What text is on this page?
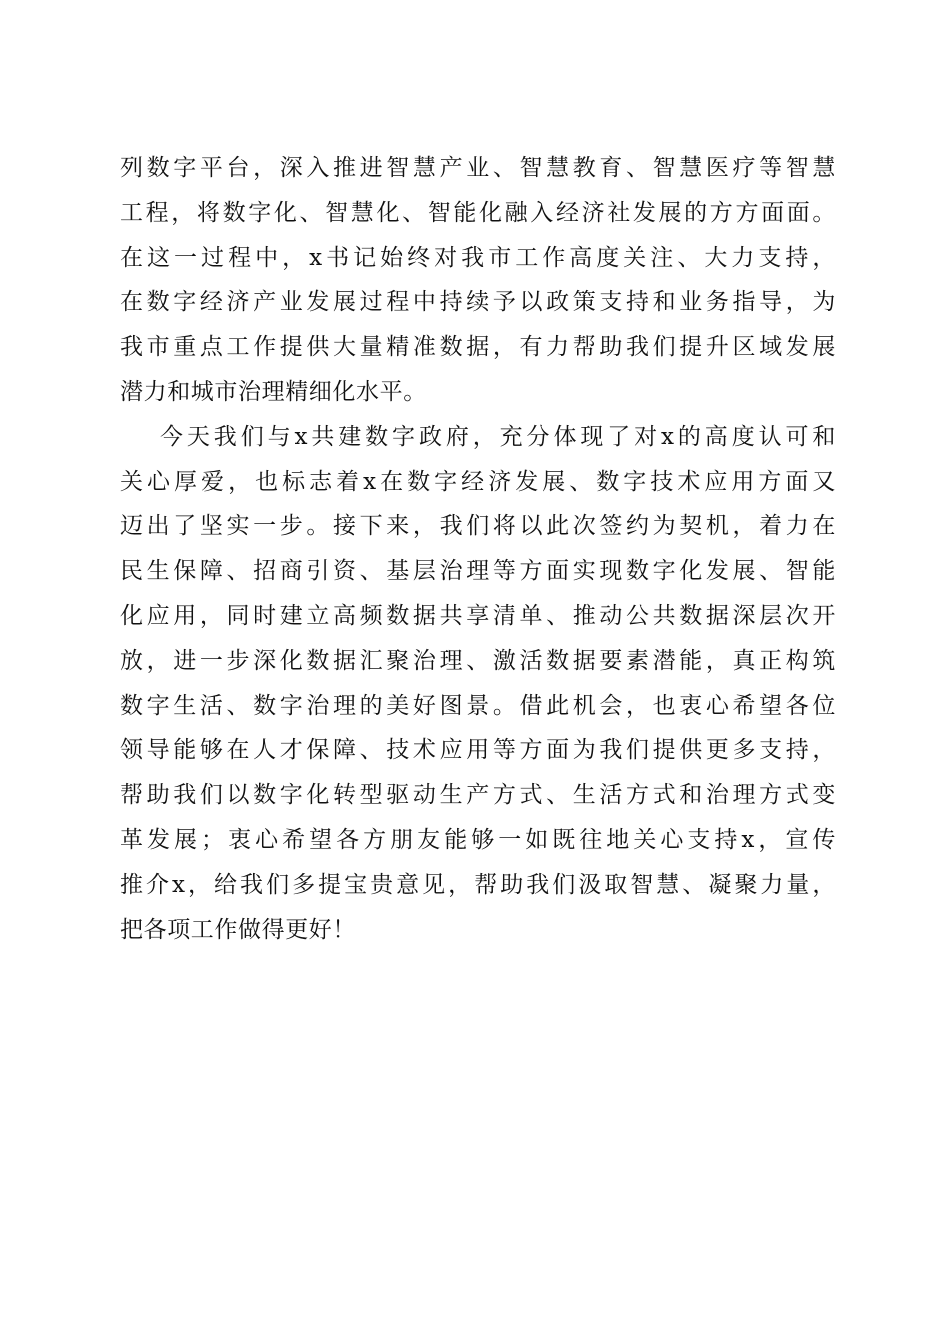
列数字平台，深入推进智慧产业、智慧教育、智慧医疗等智慧
工程，将数字化、智慧化、智能化融入经济社发展的方方面面。
在这一过程中，x书记始终对我市工作高度关注、大力支持，
在数字经济产业发展过程中持续予以政策支持和业务指导，为
我市重点工作提供大量精准数据，有力帮助我们提升区域发展
潜力和城市治理精细化水平。
今天我们与x共建数字政府，充分体现了对x的高度认可和
关心厚爱，也标志着x在数字经济发展、数字技术应用方面又
迈出了坚实一步。接下来，我们将以此次签约为契机，着力在
民生保障、招商引资、基层治理等方面实现数字化发展、智能
化应用，同时建立高频数据共享清单、推动公共数据深层次开
放，进一步深化数据汇聚治理、激活数据要素潜能，真正构筑
数字生活、数字治理的美好图景。借此机会，也衷心希望各位
领导能够在人才保障、技术应用等方面为我们提供更多支持，
帮助我们以数字化转型驱动生产方式、生活方式和治理方式变
革发展；衷心希望各方朋友能够一如既往地关心支持x，宣传
推介x，给我们多提宝贵意见，帮助我们汲取智慧、凝聚力量，
把各项工作做得更好！
